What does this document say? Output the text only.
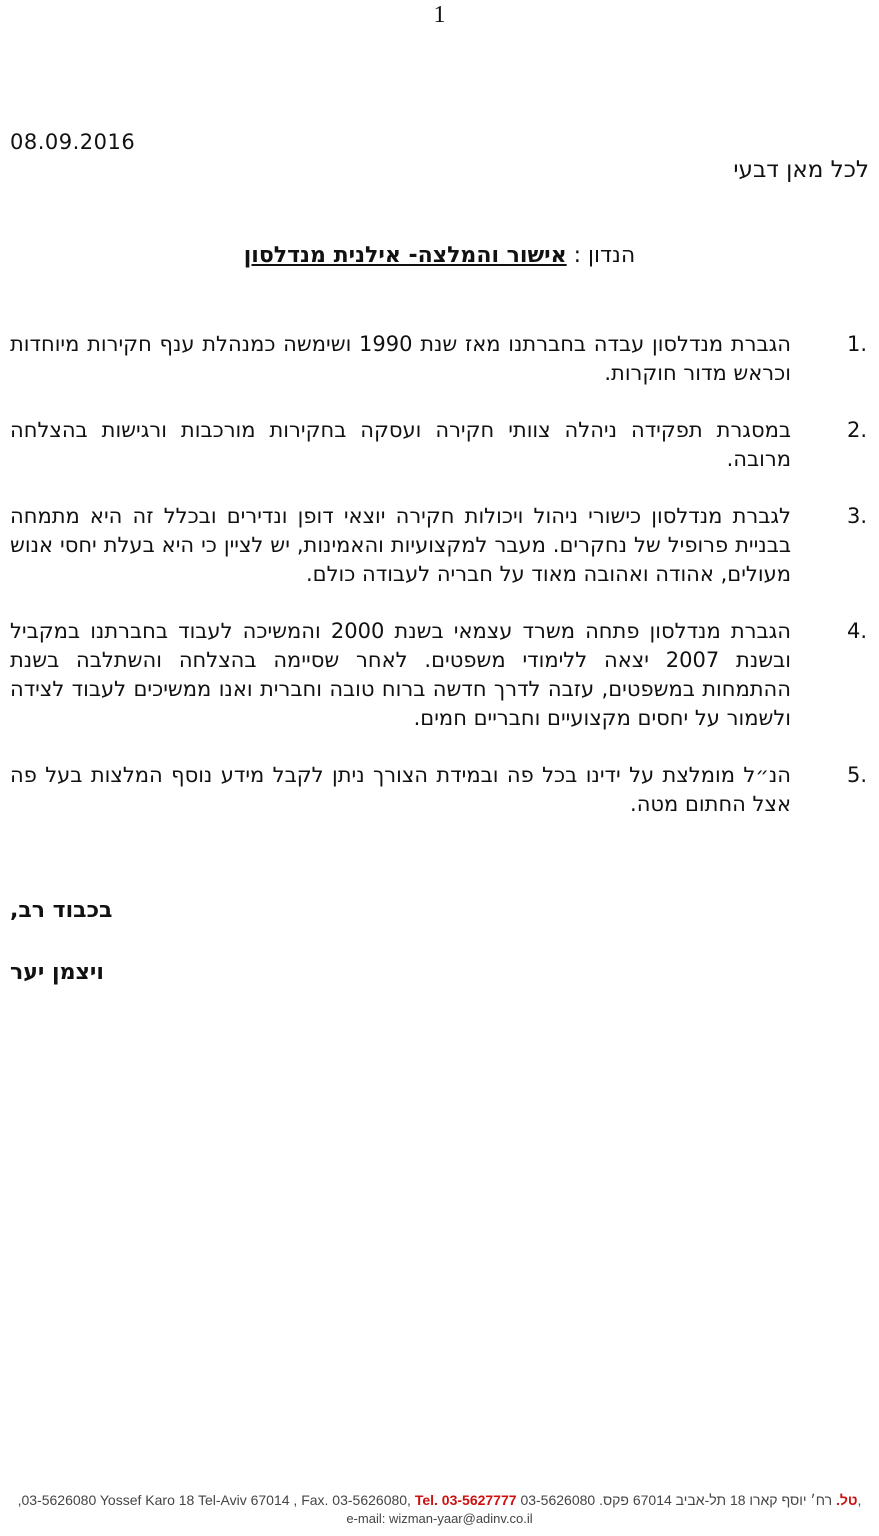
1
08.09.2016
לכל מאן דבעי
הנדון : אישור והמלצה- אילנית מנדלסון
1.
הגברת מנדלסון עבדה בחברתנו מאז שנת 1990 ושימשה כמנהלת ענף חקירות מיוחדות וכראש מדור חוקרות.
2.
במסגרת תפקידה ניהלה צוותי חקירה ועסקה בחקירות מורכבות ורגישות בהצלחה מרובה.
3.
לגברת מנדלסון כישורי ניהול ויכולות חקירה יוצאי דופן ונדירים ובכלל זה היא מתמחה בבניית פרופיל של נחקרים. מעבר למקצועיות והאמינות, יש לציין כי היא בעלת יחסי אנוש מעולים, אהודה ואהובה מאוד על חבריה לעבודה כולם.
4.
הגברת מנדלסון פתחה משרד עצמאי בשנת 2000 והמשיכה לעבוד בחברתנו במקביל ובשנת 2007 יצאה ללימודי משפטים. לאחר שסיימה בהצלחה והשתלבה בשנת ההתמחות במשפטים, עזבה לדרך חדשה ברוח טובה וחברית ואנו ממשיכים לעבוד לצידה ולשמור על יחסים מקצועיים וחבריים חמים.
5.
הנ״ל מומלצת על ידינו בכל פה ובמידת הצורך ניתן לקבל מידע נוסף המלצות בעל פה אצל החתום מטה.
בכבוד רב,
ויצמן יער
,03-5626080 Yossef Karo 18 Tel-Aviv 67014 , Fax. 03-5626080, Tel. 03-5627777	טל. רח׳ יוסף קארו 18 תל-אביב 67014 פקס. 03-5626080,
e-mail: wizman-yaar@adinv.co.il
